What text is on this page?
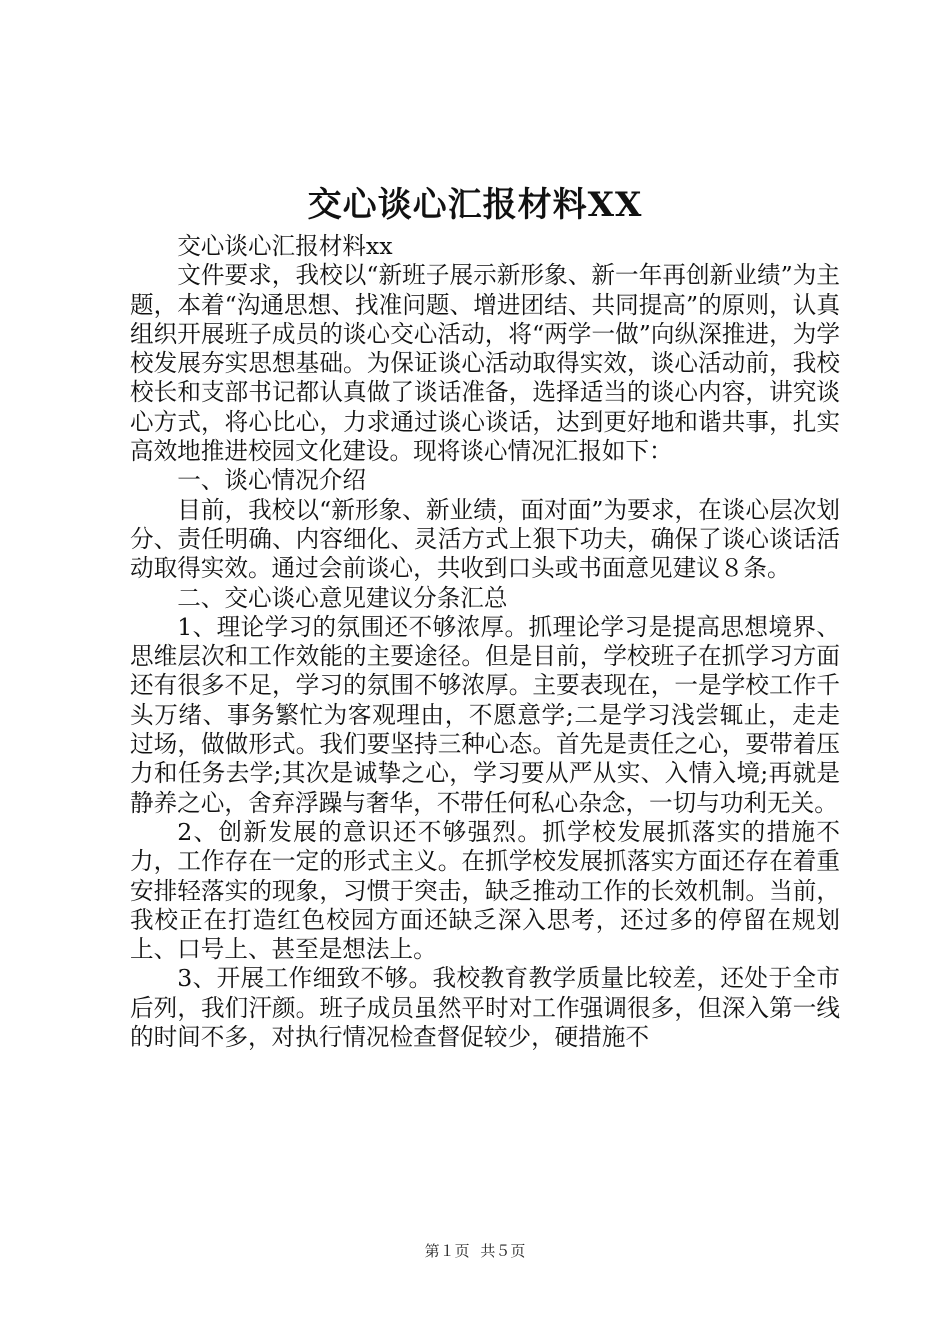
交心谈心汇报材料XX

交心谈心汇报材料xx

文件要求，我校以“新班子展示新形象、新一年再创新业绩”为主题，本着“沟通思想、找准问题、增进团结、共同提高”的原则，认真组织开展班子成员的谈心交心活动，将“两学一做”向纵深推进，为学校发展夯实思想基础。为保证谈心活动取得实效，谈心活动前，我校校长和支部书记都认真做了谈话准备，选择适当的谈心内容，讲究谈心方式，将心比心，力求通过谈心谈话，达到更好地和谐共事，扎实高效地推进校园文化建设。现将谈心情况汇报如下：

一、谈心情况介绍

目前，我校以“新形象、新业绩，面对面”为要求，在谈心层次划分、责任明确、内容细化、灵活方式上狠下功夫，确保了谈心谈话活动取得实效。通过会前谈心，共收到口头或书面意见建议８条。

二、交心谈心意见建议分条汇总

1、理论学习的氛围还不够浓厚。抓理论学习是提高思想境界、思维层次和工作效能的主要途径。但是目前，学校班子在抓学习方面还有很多不足，学习的氛围不够浓厚。主要表现在，一是学校工作千头万绪、事务繁忙为客观理由，不愿意学;二是学习浅尝辄止，走走过场，做做形式。我们要坚持三种心态。首先是责任之心，要带着压力和任务去学;其次是诚挚之心，学习要从严从实、入情入境;再就是静养之心，舍弃浮躁与奢华，不带任何私心杂念，一切与功利无关。

2、创新发展的意识还不够强烈。抓学校发展抓落实的措施不力，工作存在一定的形式主义。在抓学校发展抓落实方面还存在着重安排轻落实的现象，习惯于突击，缺乏推动工作的长效机制。当前，我校正在打造红色校园方面还缺乏深入思考，还过多的停留在规划上、口号上、甚至是想法上。

3、开展工作细致不够。我校教育教学质量比较差，还处于全市后列，我们汗颜。班子成员虽然平时对工作强调很多，但深入第一线的时间不多，对执行情况检查督促较少，硬措施不

第１页 共５页
